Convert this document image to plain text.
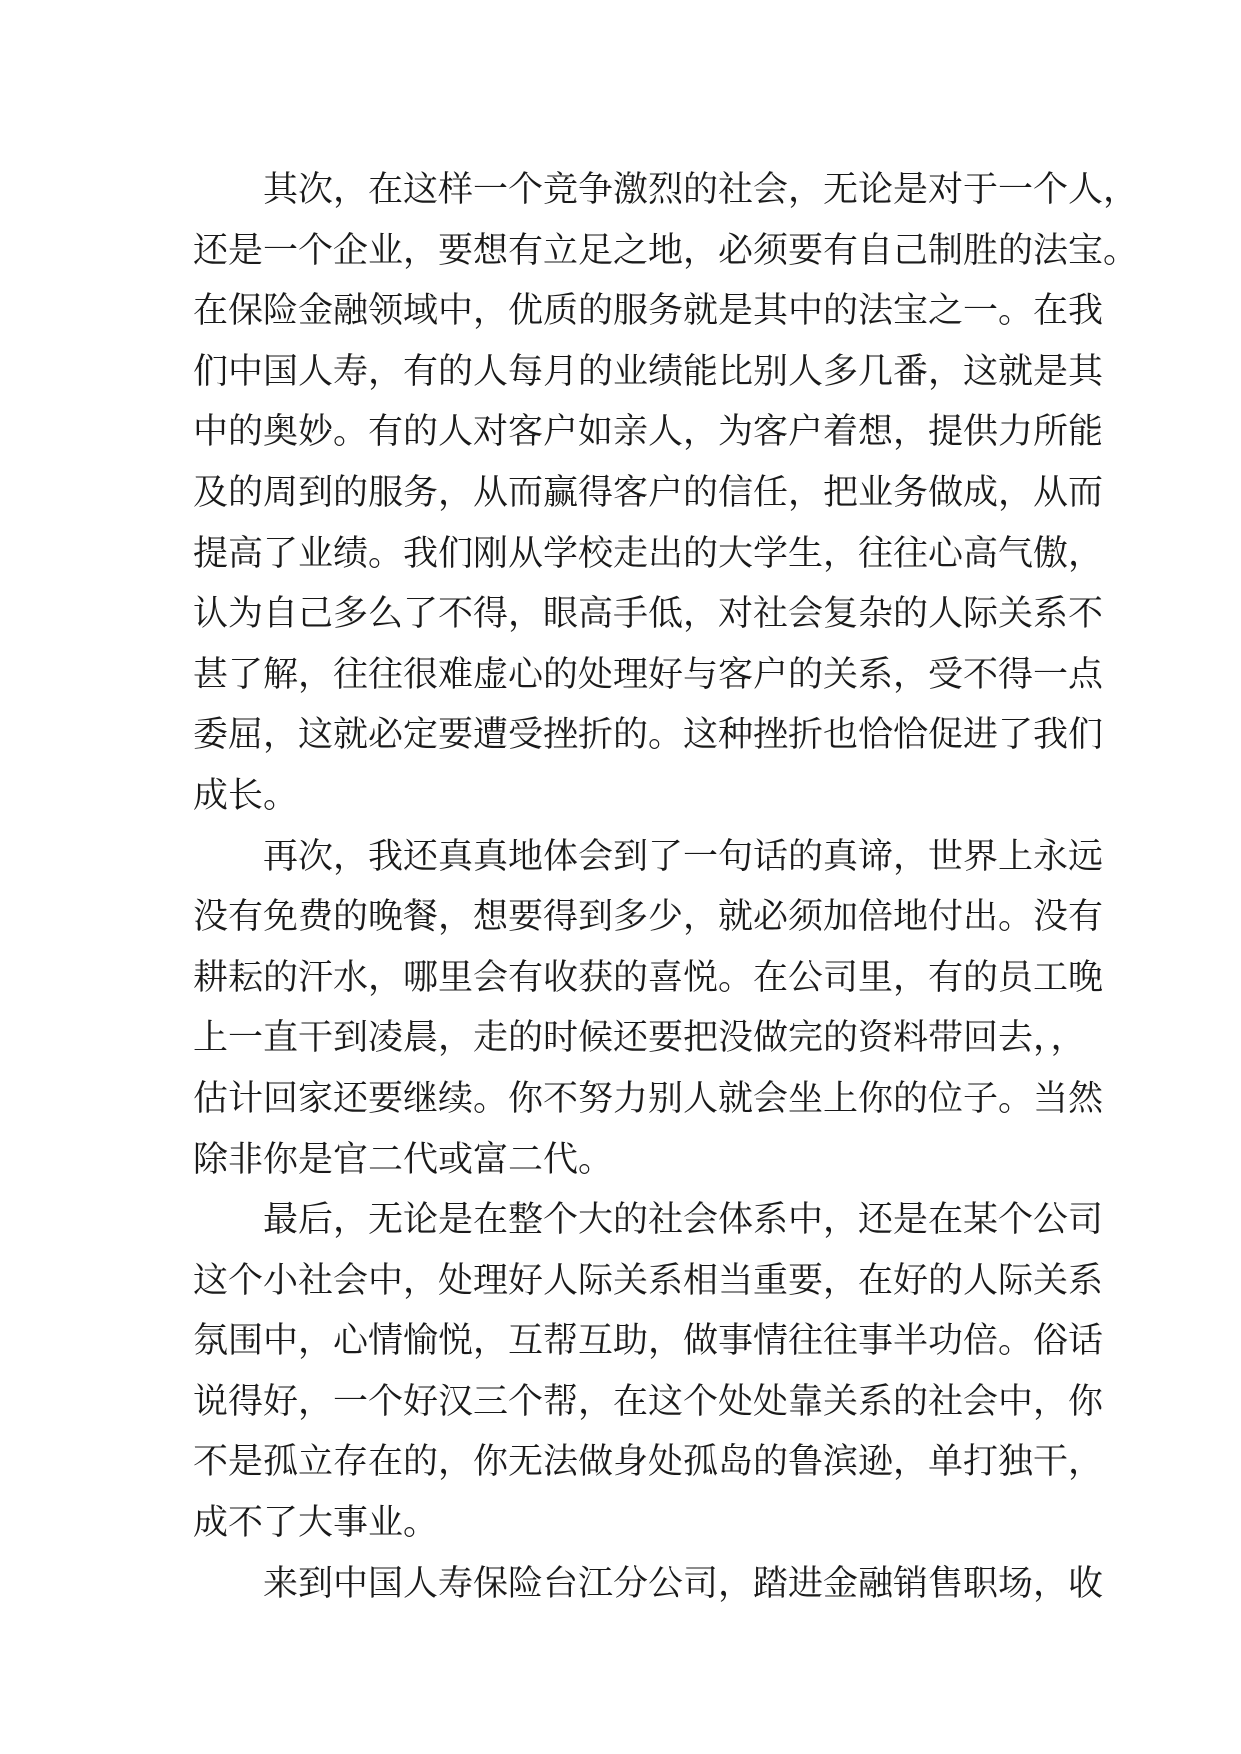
其次，在这样一个竞争激烈的社会，无论是对于一个人，
还是一个企业，要想有立足之地，必须要有自己制胜的法宝。
在保险金融领域中，优质的服务就是其中的法宝之一。在我
们中国人寿，有的人每月的业绩能比别人多几番，这就是其
中的奥妙。有的人对客户如亲人，为客户着想，提供力所能
及的周到的服务，从而赢得客户的信任，把业务做成，从而
提高了业绩。我们刚从学校走出的大学生，往往心高气傲，
认为自己多么了不得，眼高手低，对社会复杂的人际关系不
甚了解，往往很难虚心的处理好与客户的关系，受不得一点
委屈，这就必定要遭受挫折的。这种挫折也恰恰促进了我们
成长。
再次，我还真真地体会到了一句话的真谛，世界上永远
没有免费的晚餐，想要得到多少，就必须加倍地付出。没有
耕耘的汗水，哪里会有收获的喜悦。在公司里，有的员工晚
上一直干到凌晨，走的时候还要把没做完的资料带回去，，
估计回家还要继续。你不努力别人就会坐上你的位子。当然
除非你是官二代或富二代。
最后，无论是在整个大的社会体系中，还是在某个公司
这个小社会中，处理好人际关系相当重要，在好的人际关系
氛围中，心情愉悦，互帮互助，做事情往往事半功倍。俗话
说得好，一个好汉三个帮，在这个处处靠关系的社会中，你
不是孤立存在的，你无法做身处孤岛的鲁滨逊，单打独干，
成不了大事业。
来到中国人寿保险台江分公司，踏进金融销售职场，收
